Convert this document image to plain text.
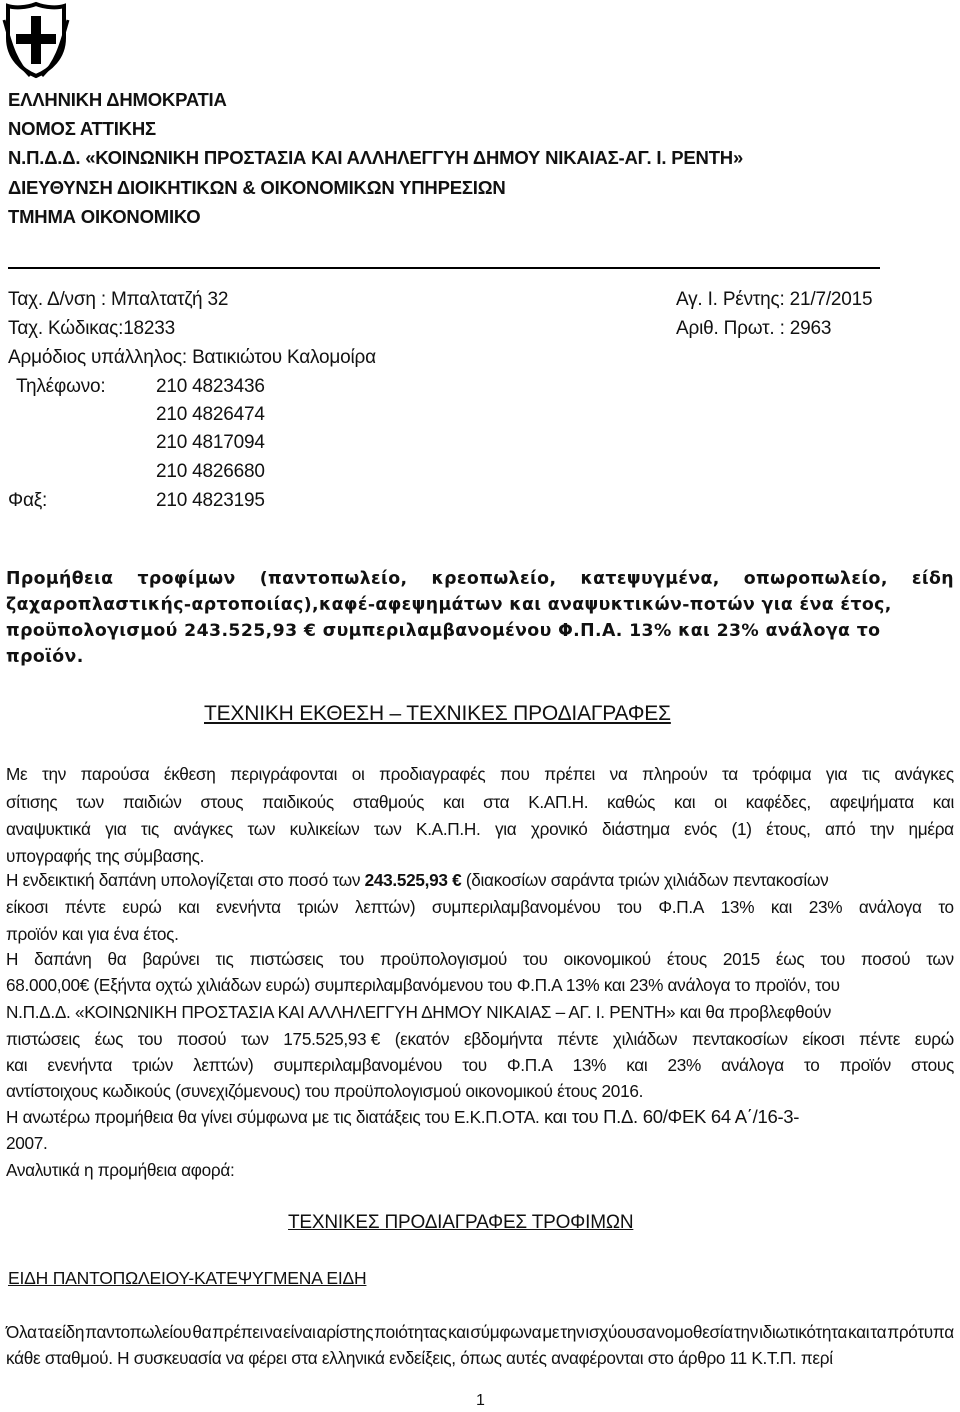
ΕΛΛΗΝΙΚΗ ΔΗΜΟΚΡΑΤΙΑ
ΝΟΜΟΣ ΑΤΤΙΚΗΣ
Ν.Π.Δ.Δ. «ΚΟΙΝΩΝΙΚΗ ΠΡΟΣΤΑΣΙΑ ΚΑΙ ΑΛΛΗΛΕΓΓΥΗ ΔΗΜΟΥ ΝΙΚΑΙΑΣ-ΑΓ. Ι. ΡΕΝΤΗ»
ΔΙΕΥΘΥΝΣΗ ΔΙΟΙΚΗΤΙΚΩΝ & ΟΙΚΟΝΟΜΙΚΩΝ ΥΠΗΡΕΣΙΩΝ
ΤΜΗΜΑ ΟΙΚΟΝΟΜΙΚΟ
Ταχ. Δ/νση : Μπαλτατζή 32	Αγ. Ι. Ρέντης: 21/7/2015
Ταχ. Κώδικας:18233	Αριθ. Πρωτ. : 2963
Αρμόδιος υπάλληλος: Βατικιώτου Καλομοίρα
Τηλέφωνο:	210 4823436
210 4826474
210 4817094
210 4826680
Φαξ:	210 4823195
Προμήθεια τροφίμων (παντοπωλείο, κρεοπωλείο, κατεψυγμένα, οπωροπωλείο, είδη
ζαχαροπλαστικής-αρτοποιίας),καφέ-αφεψημάτων και αναψυκτικών-ποτών για ένα έτος,
προϋπολογισμού 243.525,93 € συμπεριλαμβανομένου Φ.Π.Α. 13% και 23% ανάλογα το
προϊόν.
ΤΕΧΝΙΚΗ ΕΚΘΕΣΗ – ΤΕΧΝΙΚΕΣ ΠΡΟΔΙΑΓΡΑΦΕΣ
Με την παρούσα έκθεση περιγράφονται οι προδιαγραφές που πρέπει να πληρούν τα τρόφιμα για τις ανάγκες
σίτισης των παιδιών στους παιδικούς σταθμούς και στα Κ.ΑΠ.Η. καθώς και οι καφέδες, αφεψήματα και
αναψυκτικά για τις ανάγκες των κυλικείων των Κ.Α.Π.Η. για χρονικό διάστημα ενός (1) έτους, από την ημέρα
υπογραφής της σύμβασης.
Η ενδεικτική δαπάνη υπολογίζεται στο ποσό των 243.525,93 € (διακοσίων σαράντα τριών χιλιάδων πεντακοσίων
είκοσι πέντε ευρώ και ενενήντα τριών λεπτών) συμπεριλαμβανομένου του Φ.Π.Α 13% και 23% ανάλογα το
προϊόν και για ένα έτος.
Η δαπάνη θα βαρύνει τις πιστώσεις του προϋπολογισμού του οικονομικού έτους 2015 έως του ποσού των
68.000,00€ (Εξήντα οχτώ χιλιάδων ευρώ) συμπεριλαμβανόμενου του Φ.Π.Α 13% και 23% ανάλογα το προϊόν, του
Ν.Π.Δ.Δ. «ΚΟΙΝΩΝΙΚΗ ΠΡΟΣΤΑΣΙΑ ΚΑΙ ΑΛΛΗΛΕΓΓΥΗ ΔΗΜΟΥ ΝΙΚΑΙΑΣ – ΑΓ. Ι. ΡΕΝΤΗ» και θα προβλεφθούν
πιστώσεις έως του ποσού των 175.525,93 € (εκατόν εβδομήντα πέντε χιλιάδων πεντακοσίων είκοσι πέντε ευρώ
και ενενήντα τριών λεπτών) συμπεριλαμβανομένου του Φ.Π.Α 13% και 23% ανάλογα το προϊόν στους
αντίστοιχους κωδικούς (συνεχιζόμενους) του προϋπολογισμού οικονομικού έτους 2016.
Η ανωτέρω προμήθεια θα γίνει σύμφωνα με τις διατάξεις του Ε.Κ.Π.ΟΤΑ. και του Π.Δ. 60/ΦΕΚ 64 Α΄/16-3-
2007.
Αναλυτικά η προμήθεια αφορά:
ΤΕΧΝΙΚΕΣ ΠΡΟΔΙΑΓΡΑΦΕΣ ΤΡΟΦΙΜΩΝ
ΕΙΔΗ ΠΑΝΤΟΠΩΛΕΙΟΥ-ΚΑΤΕΨΥΓΜΕΝΑ ΕΙΔΗ
Όλα τα είδη παντοπωλείου θα πρέπει να είναι αρίστης ποιότητας και σύμφωνα με την ισχύουσα νομοθεσία την ιδιωτικότητα και τα πρότυπα
κάθε σταθμού. Η συσκευασία να φέρει στα ελληνικά ενδείξεις, όπως αυτές αναφέρονται στο άρθρο 11 Κ.Τ.Π. περί
1
